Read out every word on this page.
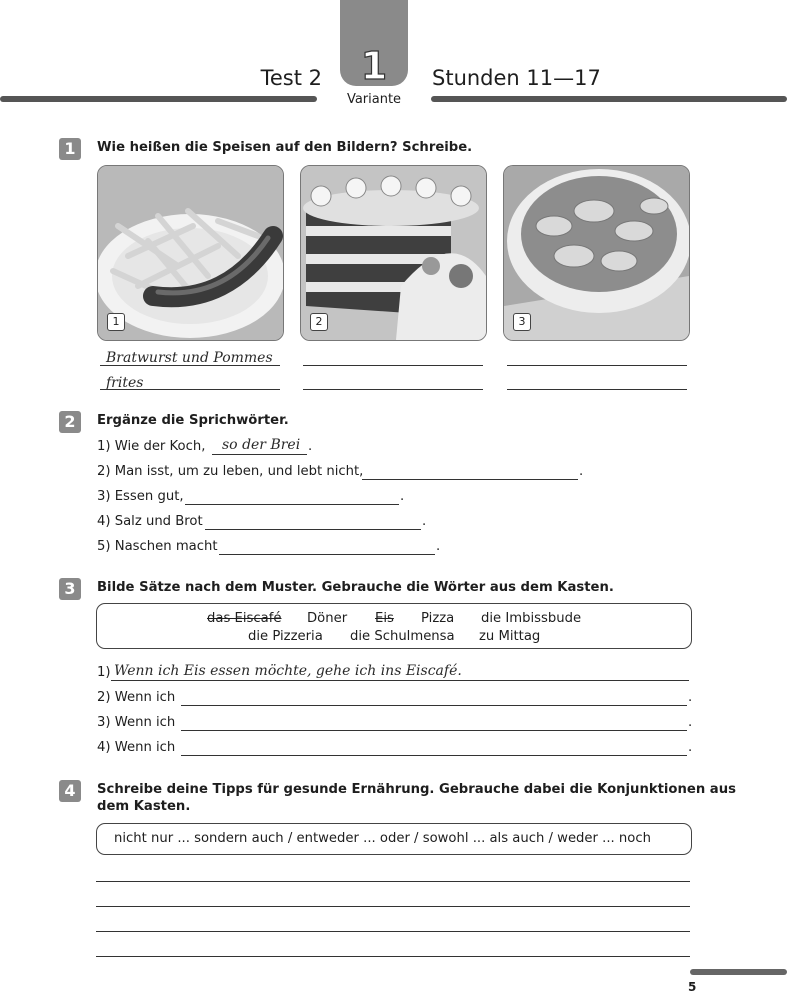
1
Variante
Test 2	Stunden 11—17
1	Wie heißen die Speisen auf den Bildern? Schreibe.
1	2	3
Bratwurst und Pommes
frites
2	Ergänze die Sprichwörter.
1) Wie der Koch, so der Brei .
2) Man isst, um zu leben, und lebt nicht,	.
3) Essen gut,	.
4) Salz und Brot	.
5) Naschen macht	.
3	Bilde Sätze nach dem Muster. Gebrauche die Wörter aus dem Kasten.
das Eiscafé Döner Eis Pizza die Imbissbude
die Pizzeria die Schulmensa zu Mittag
1) Wenn ich Eis essen möchte, gehe ich ins Eiscafé.
2) Wenn ich	.
3) Wenn ich	.
4) Wenn ich	.
4	Schreibe deine Tipps für gesunde Ernährung. Gebrauche dabei die Konjunktionen aus
dem Kasten.
nicht nur ... sondern auch / entweder ... oder / sowohl ... als auch / weder ... noch
5
